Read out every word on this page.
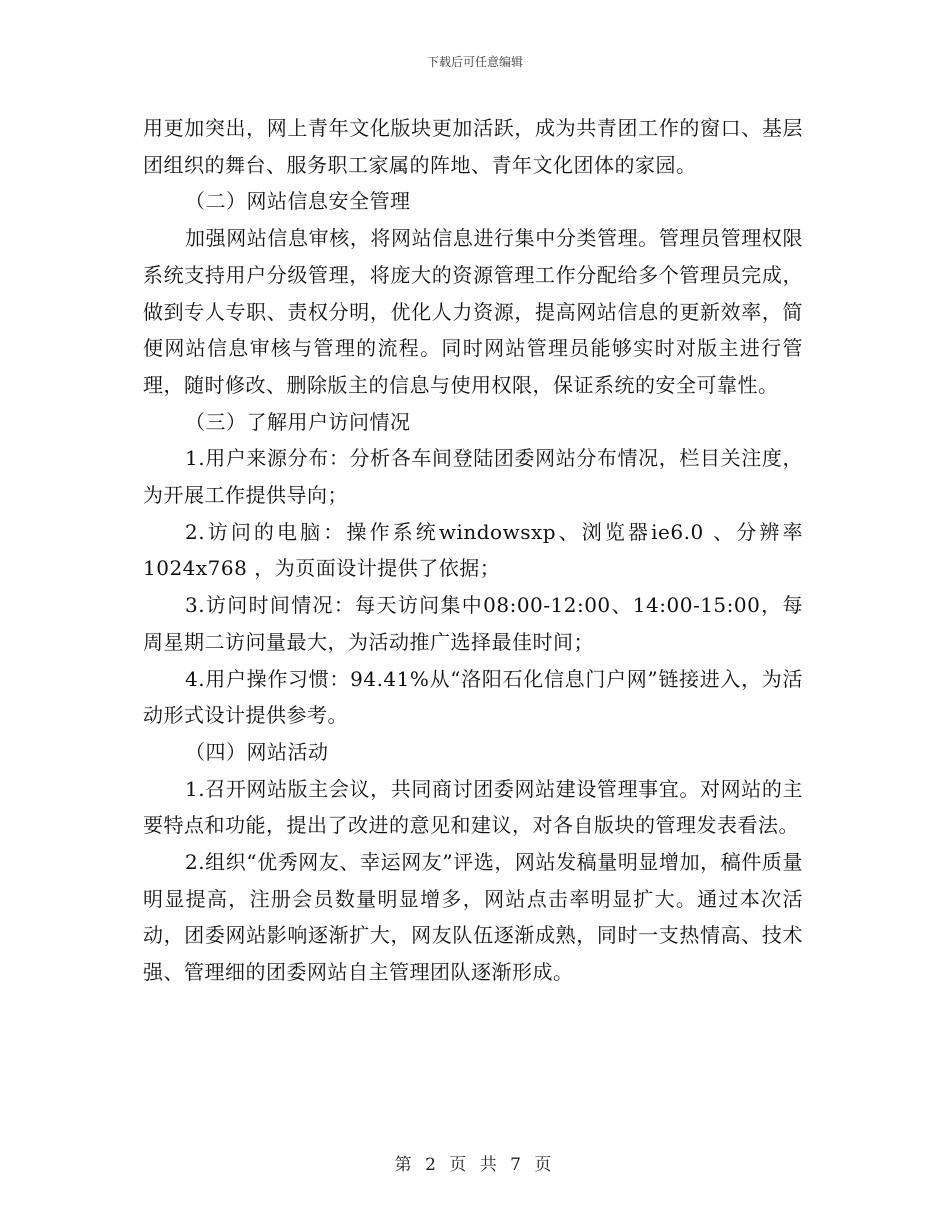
下载后可任意编辑

用更加突出，网上青年文化版块更加活跃，成为共青团工作的窗口、基层团组织的舞台、服务职工家属的阵地、青年文化团体的家园。

（二）网站信息安全管理

加强网站信息审核，将网站信息进行集中分类管理。管理员管理权限系统支持用户分级管理，将庞大的资源管理工作分配给多个管理员完成，做到专人专职、责权分明，优化人力资源，提高网站信息的更新效率，简便网站信息审核与管理的流程。同时网站管理员能够实时对版主进行管理，随时修改、删除版主的信息与使用权限，保证系统的安全可靠性。

（三）了解用户访问情况

1.用户来源分布：分析各车间登陆团委网站分布情况，栏目关注度，为开展工作提供导向；

2.访问的电脑：操作系统windowsxp、浏览器ie6.0 、分辨率1024x768 ，为页面设计提供了依据；

3.访问时间情况：每天访问集中08:00-12:00、14:00-15:00，每周星期二访问量最大，为活动推广选择最佳时间；

4.用户操作习惯：94.41%从“洛阳石化信息门户网”链接进入，为活动形式设计提供参考。

（四）网站活动

1.召开网站版主会议，共同商讨团委网站建设管理事宜。对网站的主要特点和功能，提出了改进的意见和建议，对各自版块的管理发表看法。

2.组织“优秀网友、幸运网友”评选，网站发稿量明显增加，稿件质量明显提高，注册会员数量明显增多，网站点击率明显扩大。通过本次活动，团委网站影响逐渐扩大，网友队伍逐渐成熟，同时一支热情高、技术强、管理细的团委网站自主管理团队逐渐形成。

第 2 页 共 7 页
